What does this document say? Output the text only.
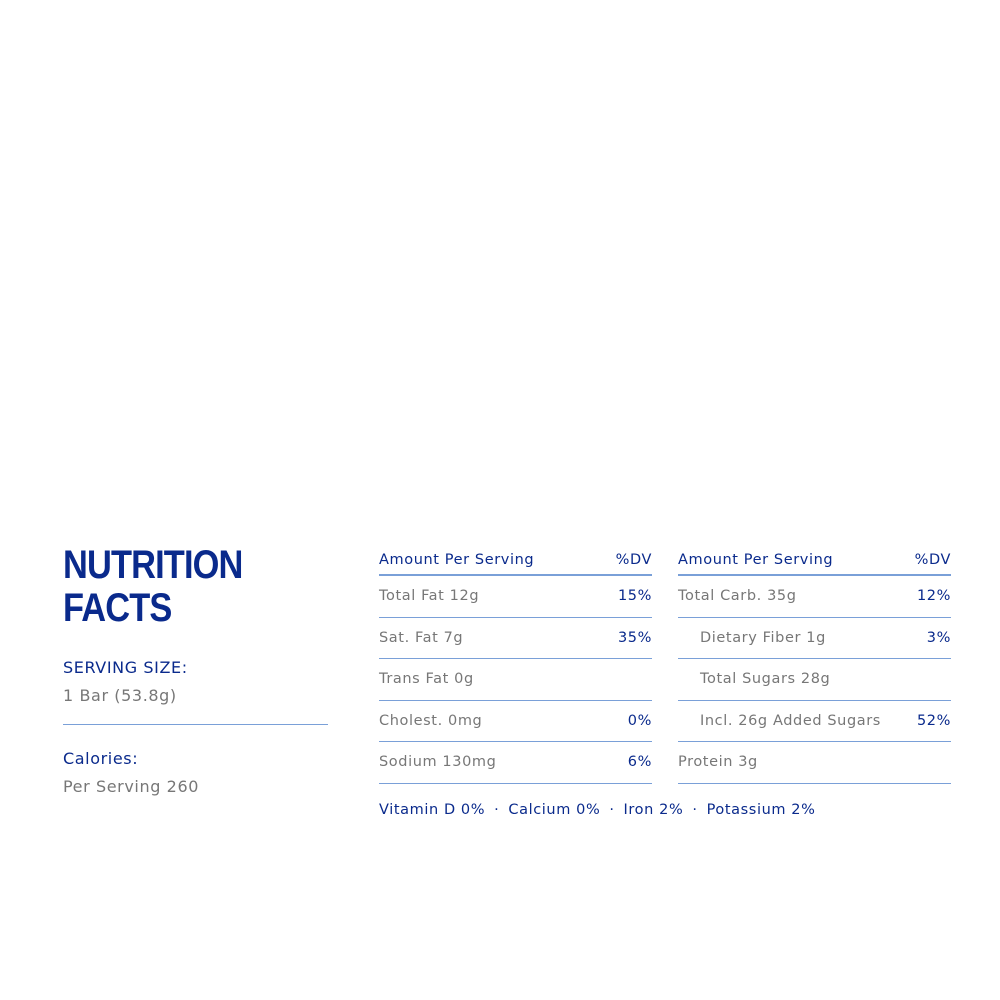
NUTRITION
FACTS
SERVING SIZE:
1 Bar (53.8g)
Calories:
Per Serving 260
Amount Per Serving	%DV
Total Fat 12g	15%
Sat. Fat 7g	35%
Trans Fat 0g
Cholest. 0mg	0%
Sodium 130mg	6%
Amount Per Serving	%DV
Total Carb. 35g	12%
Dietary Fiber 1g	3%
Total Sugars 28g
Incl. 26g Added Sugars 52%
Protein 3g
Vitamin D 0% · Calcium 0% · Iron 2% · Potassium 2%
